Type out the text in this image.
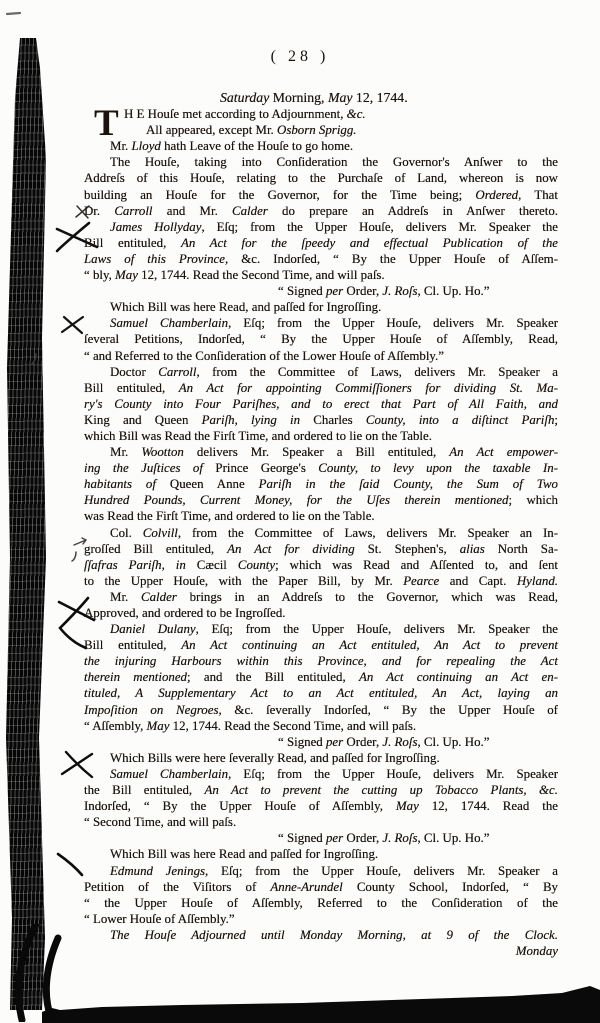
( 28 )
T
Saturday Morning, May 12, 1744.
H E Houſe met according to Adjournment, &c.
All appeared, except Mr. Osborn Sprigg.
Mr. Lloyd hath Leave of the Houſe to go home.
The Houſe, taking into Conſideration the Governor's Anſwer to the
Addreſs of this Houſe, relating to the Purchaſe of Land, whereon is now
building an Houſe for the Governor, for the Time being; Ordered, That
Dr. Carroll and Mr. Calder do prepare an Addreſs in Anſwer thereto.
James Hollyday, Eſq; from the Upper Houſe, delivers Mr. Speaker the
Bill entituled, An Act for the ſpeedy and effectual Publication of the
Laws of this Province, &c. Indorſed, “ By the Upper Houſe of Aſſem-
“ bly, May 12, 1744. Read the Second Time, and will paſs.
“ Signed per Order, J. Roſs, Cl. Up. Ho.”
Which Bill was here Read, and paſſed for Ingroſſing.
Samuel Chamberlain, Eſq; from the Upper Houſe, delivers Mr. Speaker
ſeveral Petitions, Indorſed, “ By the Upper Houſe of Aſſembly, Read,
“ and Referred to the Conſideration of the Lower Houſe of Aſſembly.”
Doctor Carroll, from the Committee of Laws, delivers Mr. Speaker a
Bill entituled, An Act for appointing Commiſſioners for dividing St. Ma-
ry's County into Four Pariſhes, and to erect that Part of All Faith, and
King and Queen Pariſh, lying in Charles County, into a diſtinct Pariſh;
which Bill was Read the Firſt Time, and ordered to lie on the Table.
Mr. Wootton delivers Mr. Speaker a Bill entituled, An Act empower-
ing the Juſtices of Prince George's County, to levy upon the taxable In-
habitants of Queen Anne Pariſh in the ſaid County, the Sum of Two
Hundred Pounds, Current Money, for the Uſes therein mentioned; which
was Read the Firſt Time, and ordered to lie on the Table.
Col. Colvill, from the Committee of Laws, delivers Mr. Speaker an In-
groſſed Bill entituled, An Act for dividing St. Stephen's, alias North Sa-
ſſafras Pariſh, in Cæcil County; which was Read and Aſſented to, and ſent
to the Upper Houſe, with the Paper Bill, by Mr. Pearce and Capt. Hyland.
Mr. Calder brings in an Addreſs to the Governor, which was Read,
Approved, and ordered to be Ingroſſed.
Daniel Dulany, Eſq; from the Upper Houſe, delivers Mr. Speaker the
Bill entituled, An Act continuing an Act entituled, An Act to prevent
the injuring Harbours within this Province, and for repealing the Act
therein mentioned; and the Bill entituled, An Act continuing an Act en-
tituled, A Supplementary Act to an Act entituled, An Act, laying an
Impoſition on Negroes, &c. ſeverally Indorſed, “ By the Upper Houſe of
“ Aſſembly, May 12, 1744. Read the Second Time, and will paſs.
“ Signed per Order, J. Roſs, Cl. Up. Ho.”
Which Bills were here ſeverally Read, and paſſed for Ingroſſing.
Samuel Chamberlain, Eſq; from the Upper Houſe, delivers Mr. Speaker
the Bill entituled, An Act to prevent the cutting up Tobacco Plants, &c.
Indorſed, “ By the Upper Houſe of Aſſembly, May 12, 1744. Read the
“ Second Time, and will paſs.
“ Signed per Order, J. Roſs, Cl. Up. Ho.”
Which Bill was here Read and paſſed for Ingroſſing.
Edmund Jenings, Eſq; from the Upper Houſe, delivers Mr. Speaker a
Petition of the Viſitors of Anne-Arundel County School, Indorſed, “ By
“ the Upper Houſe of Aſſembly, Referred to the Conſideration of the
“ Lower Houſe of Aſſembly.”
The Houſe Adjourned until Monday Morning, at 9 of the Clock.
Monday
